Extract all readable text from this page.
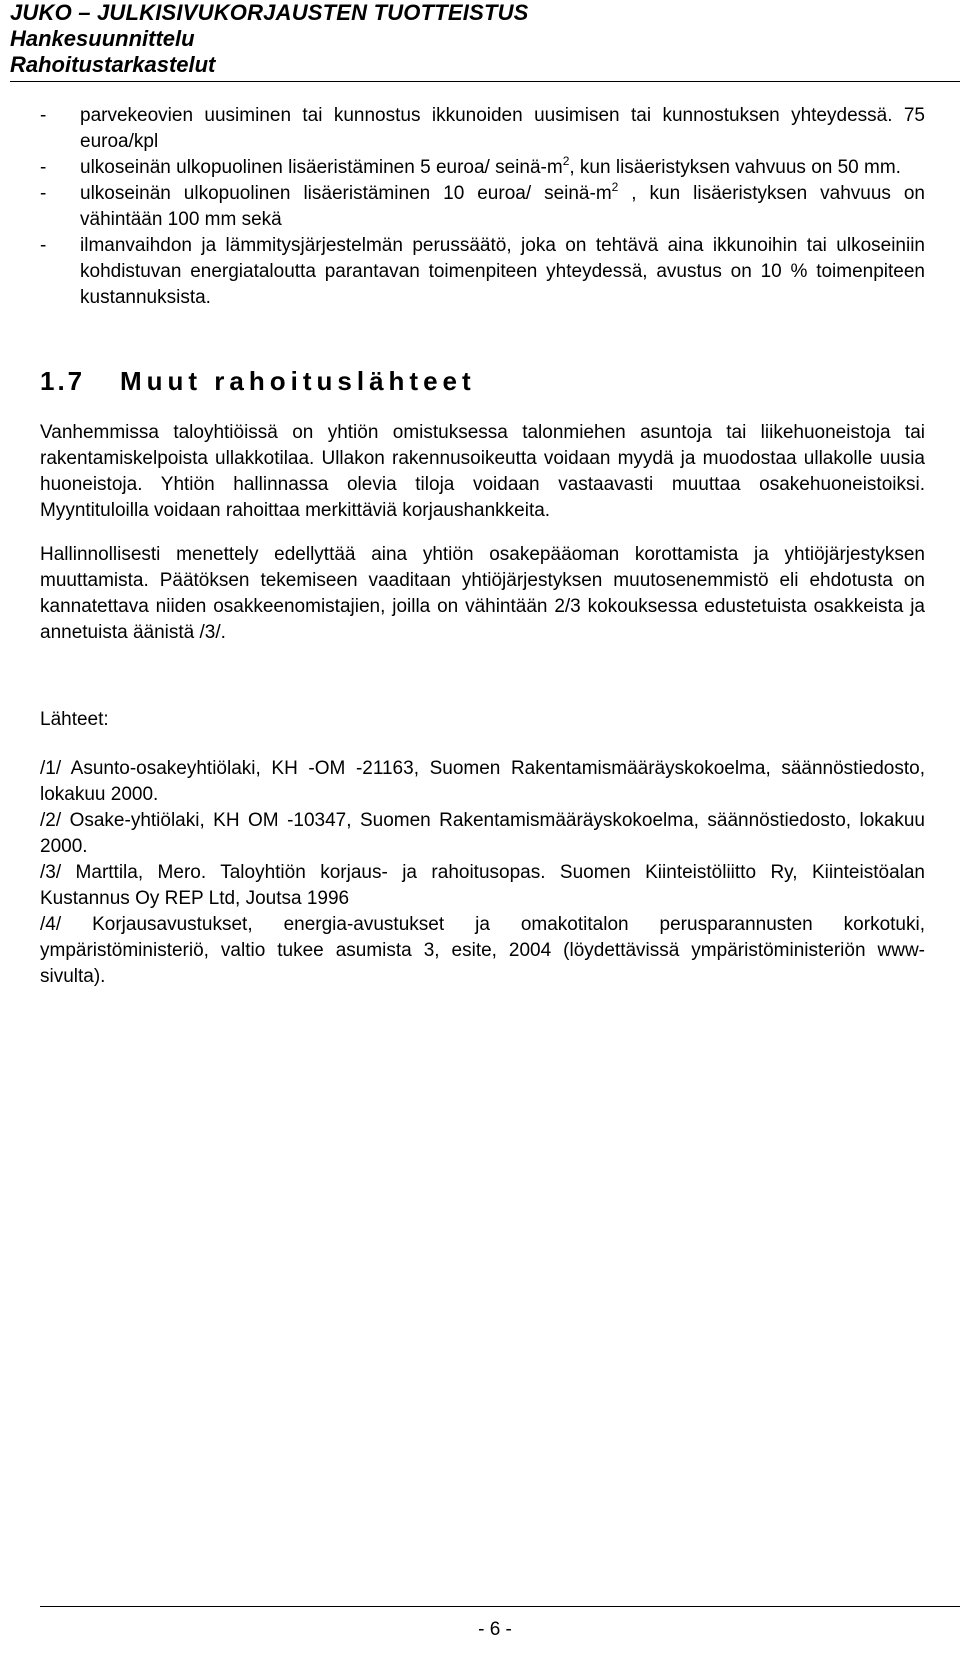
JUKO – JULKISIVUKORJAUSTEN TUOTTEISTUS
Hankesuunnittelu
Rahoitustarkastelut
- parvekeovien uusiminen tai kunnostus ikkunoiden uusimisen tai kunnostuksen yhteydessä. 75 euroa/kpl
- ulkoseinän ulkopuolinen lisäeristäminen 5 euroa/ seinä-$m^2$, kun lisäeristyksen vahvuus on 50 mm.
- ulkoseinän ulkopuolinen lisäeristäminen 10 euroa/ seinä-$m^2$ , kun lisäeristyksen vahvuus on vähintään 100 mm sekä
- ilmanvaihdon ja lämmitysjärjestelmän perussäätö, joka on tehtävä aina ikkunoihin tai ulkoseiniin kohdistuvan energiataloutta parantavan toimenpiteen yhteydessä, avustus on 10 % toimenpiteen kustannuksista.
1.7 Muut rahoituslähteet
Vanhemmissa taloyhtiöissä on yhtiön omistuksessa talonmiehen asuntoja tai liikehuoneistoja tai rakentamiskelpoista ullakkotilaa. Ullakon rakennusoikeutta voidaan myydä ja muodostaa ullakolle uusia huoneistoja. Yhtiön hallinnassa olevia tiloja voidaan vastaavasti muuttaa osakehuoneistoiksi. Myyntituloilla voidaan rahoittaa merkittäviä korjaushankkeita.
Hallinnollisesti menettely edellyttää aina yhtiön osakepääoman korottamista ja yhtiöjärjestyksen muuttamista. Päätöksen tekemiseen vaaditaan yhtiöjärjestyksen muutosenemmistö eli ehdotusta on kannatettava niiden osakkeenomistajien, joilla on vähintään 2/3 kokouksessa edustetuista osakkeista ja annetuista äänistä /3/.
Lähteet:
/1/ Asunto-osakeyhtiölaki, KH -OM -21163, Suomen Rakentamismääräyskokoelma, säännöstiedosto, lokakuu 2000.
/2/ Osake-yhtiölaki, KH OM -10347, Suomen Rakentamismääräyskokoelma, säännöstiedosto, lokakuu 2000.
/3/ Marttila, Mero. Taloyhtiön korjaus- ja rahoitusopas. Suomen Kiinteistöliitto Ry, Kiinteistöalan Kustannus Oy REP Ltd, Joutsa 1996
/4/ Korjausavustukset, energia-avustukset ja omakotitalon perusparannusten korkotuki, ympäristöministeriö, valtio tukee asumista 3, esite, 2004 (löydettävissä ympäristöministeriön www-sivulta).
- 6 -
